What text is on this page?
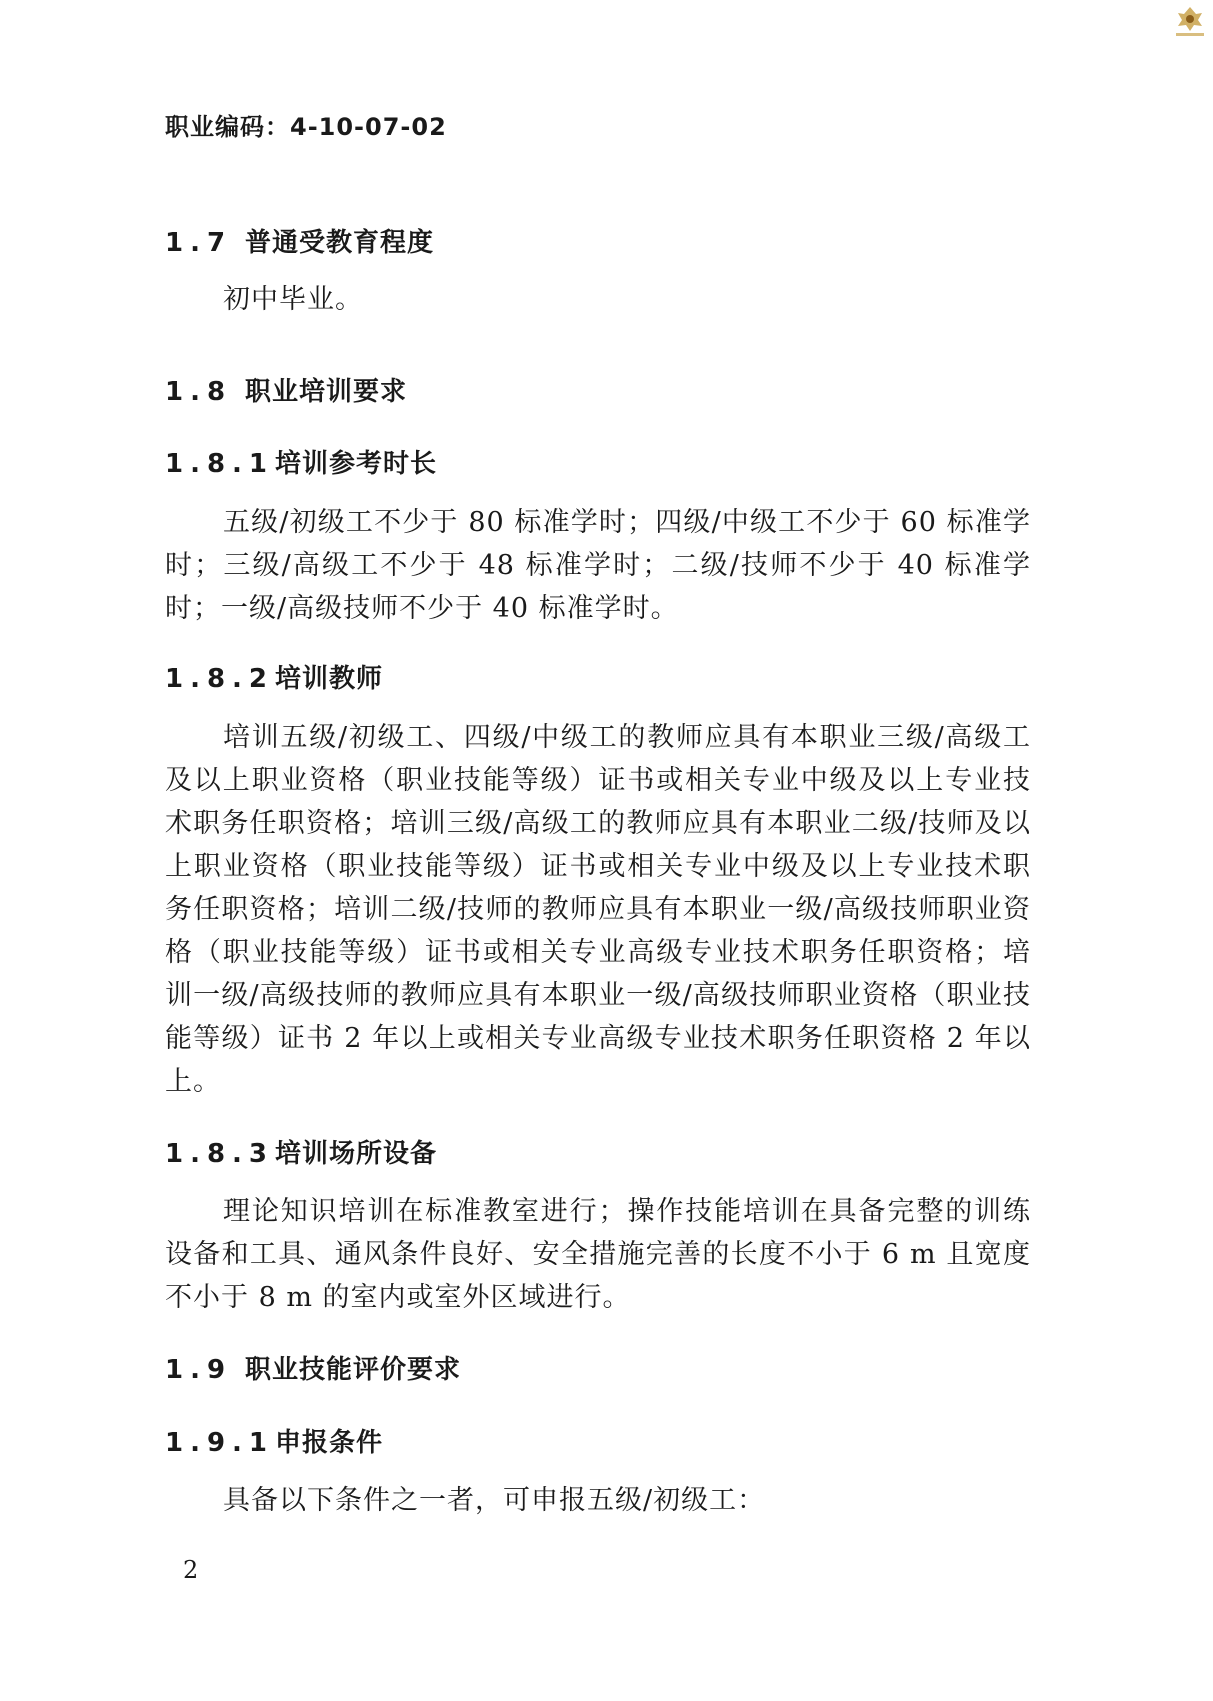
职业编码：4-10-07-02
1.7 普通受教育程度

初中毕业。

1.8 职业培训要求
1.8.1培训参考时长

五级/初级工不少于 80 标准学时；四级/中级工不少于 60 标准学时；三级/高级工不少于 48 标准学时；二级/技师不少于 40 标准学时；一级/高级技师不少于 40 标准学时。

1.8.2培训教师

培训五级/初级工、四级/中级工的教师应具有本职业三级/高级工及以上职业资格（职业技能等级）证书或相关专业中级及以上专业技术职务任职资格；培训三级/高级工的教师应具有本职业二级/技师及以上职业资格（职业技能等级）证书或相关专业中级及以上专业技术职务任职资格；培训二级/技师的教师应具有本职业一级/高级技师职业资格（职业技能等级）证书或相关专业高级专业技术职务任职资格；培训一级/高级技师的教师应具有本职业一级/高级技师职业资格（职业技能等级）证书 2 年以上或相关专业高级专业技术职务任职资格 2 年以上。

1.8.3培训场所设备

理论知识培训在标准教室进行；操作技能培训在具备完整的训练设备和工具、通风条件良好、安全措施完善的长度不小于 6 m 且宽度不小于 8 m 的室内或室外区域进行。

1.9 职业技能评价要求
1.9.1申报条件

具备以下条件之一者，可申报五级/初级工：

2
